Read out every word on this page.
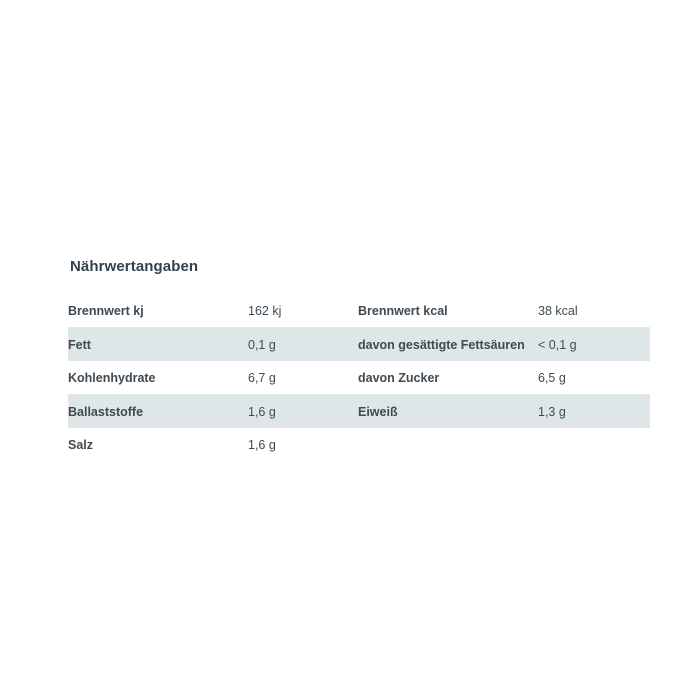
Nährwertangaben
Brennwert kj	162 kj	Brennwert kcal	38 kcal
Fett	0,1 g	davon gesättigte Fettsäuren	< 0,1 g
Kohlenhydrate	6,7 g	davon Zucker	6,5 g
Ballaststoffe	1,6 g	Eiweiß	1,3 g
Salz	1,6 g		
